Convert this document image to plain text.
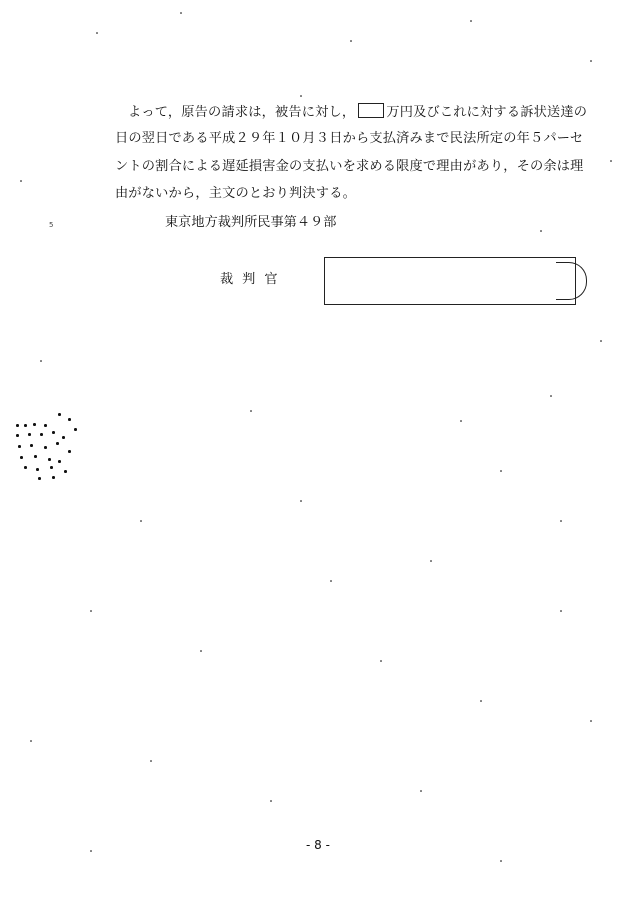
よって，原告の請求は，被告に対し， 万円及びこれに対する訴状送達の
日の翌日である平成２９年１０月３日から支払済みまで民法所定の年５パーセ
ントの割合による遅延損害金の支払いを求める限度で理由があり，その余は理
由がないから，主文のとおり判決する。
東京地方裁判所民事第４９部
5
裁判官
- 8 -
